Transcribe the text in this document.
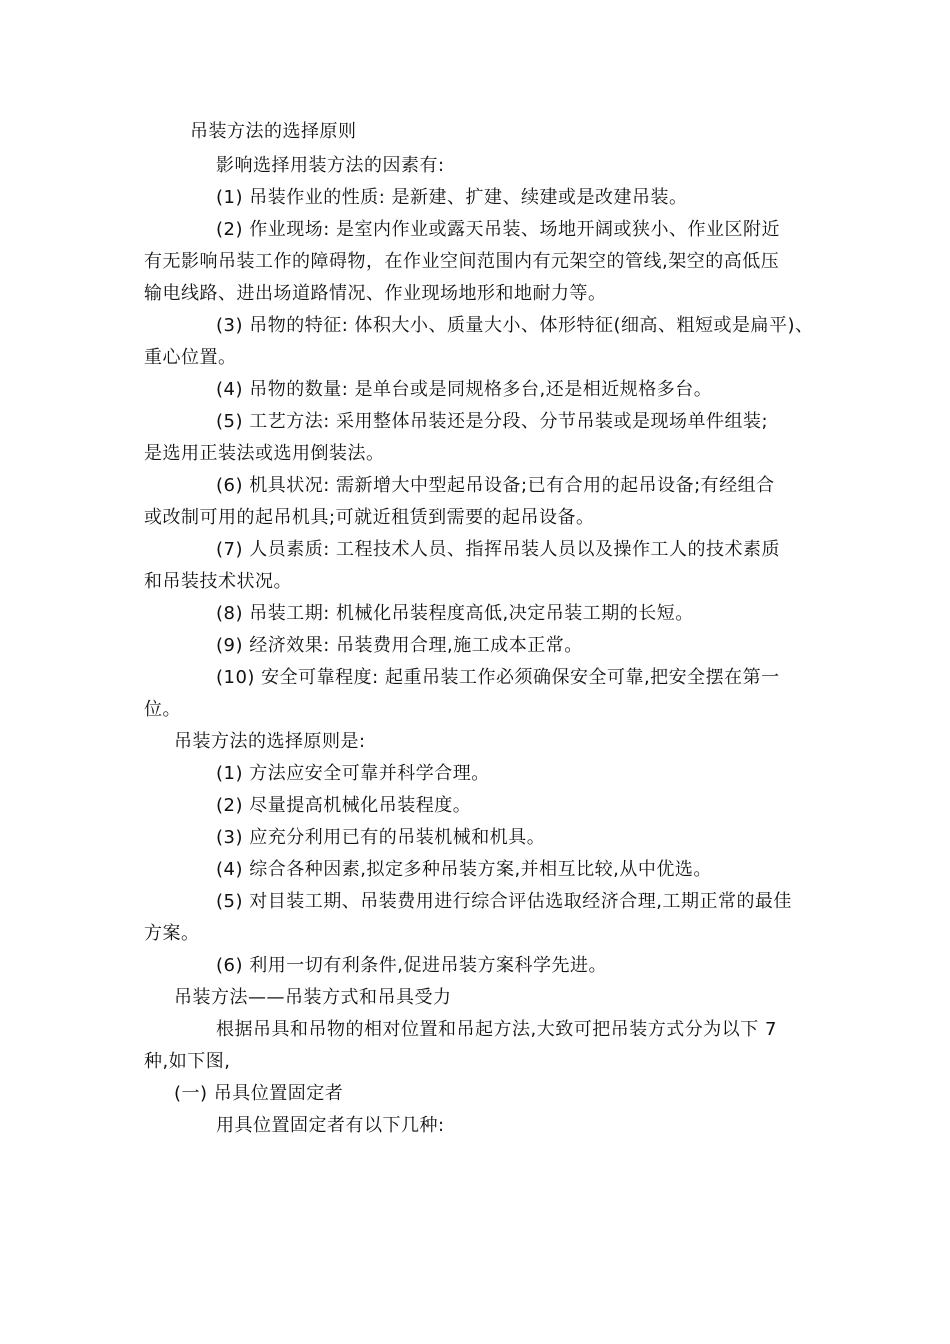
吊装方法的选择原则

影响选择用装方法的因素有:

(1) 吊装作业的性质: 是新建、扩建、续建或是改建吊装。

(2) 作业现场: 是室内作业或露天吊装、场地开阔或狭小、作业区附近

有无影响吊装工作的障碍物，在作业空间范围内有元架空的管线,架空的高低压

输电线路、进出场道路情况、作业现场地形和地耐力等。

(3) 吊物的特征: 体积大小、质量大小、体形特征(细高、粗短或是扁平)、

重心位置。

(4) 吊物的数量: 是单台或是同规格多台,还是相近规格多台。

(5) 工艺方法: 采用整体吊装还是分段、分节吊装或是现场单件组装;

是选用正装法或选用倒装法。

(6) 机具状况: 需新增大中型起吊设备;已有合用的起吊设备;有经组合

或改制可用的起吊机具;可就近租赁到需要的起吊设备。

(7) 人员素质: 工程技术人员、指挥吊装人员以及操作工人的技术素质

和吊装技术状况。

(8) 吊装工期: 机械化吊装程度高低,决定吊装工期的长短。

(9) 经济效果: 吊装费用合理,施工成本正常。

(10) 安全可靠程度: 起重吊装工作必须确保安全可靠,把安全摆在第一

位。

吊装方法的选择原则是:

(1) 方法应安全可靠并科学合理。

(2) 尽量提高机械化吊装程度。

(3) 应充分利用已有的吊装机械和机具。

(4) 综合各种因素,拟定多种吊装方案,并相互比较,从中优选。

(5) 对目装工期、吊装费用进行综合评估选取经济合理,工期正常的最佳

方案。

(6) 利用一切有利条件,促进吊装方案科学先进。

吊装方法——吊装方式和吊具受力

根据吊具和吊物的相对位置和吊起方法,大致可把吊装方式分为以下 7

种,如下图,

(一) 吊具位置固定者

用具位置固定者有以下几种:
